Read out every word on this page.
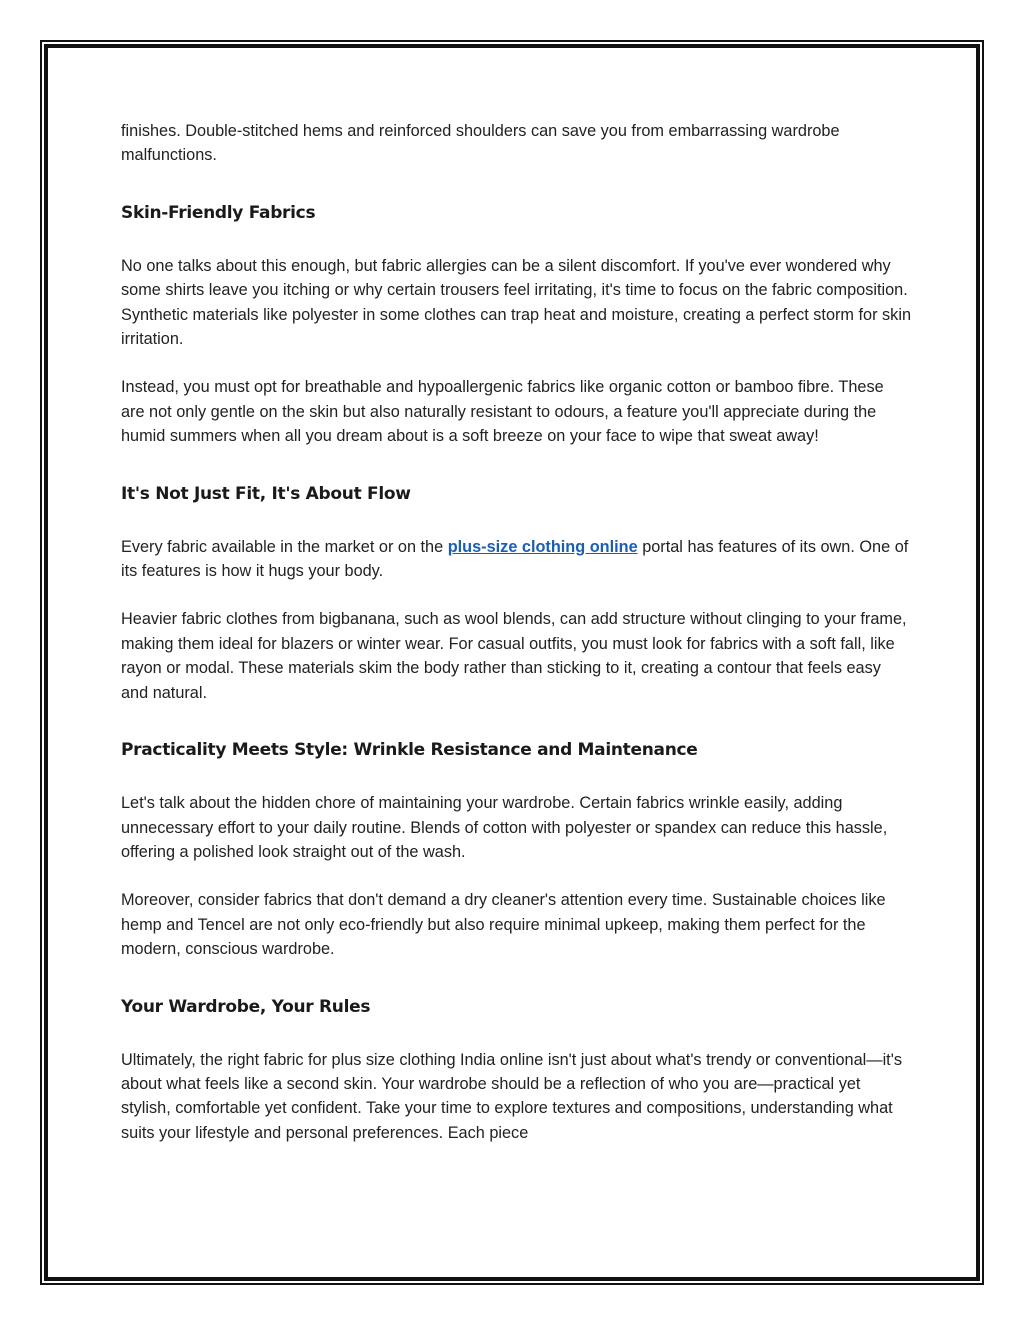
finishes. Double-stitched hems and reinforced shoulders can save you from embarrassing wardrobe malfunctions.

Skin-Friendly Fabrics

No one talks about this enough, but fabric allergies can be a silent discomfort. If you've ever wondered why some shirts leave you itching or why certain trousers feel irritating, it's time to focus on the fabric composition. Synthetic materials like polyester in some clothes can trap heat and moisture, creating a perfect storm for skin irritation.

Instead, you must opt for breathable and hypoallergenic fabrics like organic cotton or bamboo fibre. These are not only gentle on the skin but also naturally resistant to odours, a feature you'll appreciate during the humid summers when all you dream about is a soft breeze on your face to wipe that sweat away!

It's Not Just Fit, It's About Flow

Every fabric available in the market or on the plus-size clothing online portal has features of its own. One of its features is how it hugs your body.

Heavier fabric clothes from bigbanana, such as wool blends, can add structure without clinging to your frame, making them ideal for blazers or winter wear. For casual outfits, you must look for fabrics with a soft fall, like rayon or modal. These materials skim the body rather than sticking to it, creating a contour that feels easy and natural.

Practicality Meets Style: Wrinkle Resistance and Maintenance

Let's talk about the hidden chore of maintaining your wardrobe. Certain fabrics wrinkle easily, adding unnecessary effort to your daily routine. Blends of cotton with polyester or spandex can reduce this hassle, offering a polished look straight out of the wash.

Moreover, consider fabrics that don't demand a dry cleaner's attention every time. Sustainable choices like hemp and Tencel are not only eco-friendly but also require minimal upkeep, making them perfect for the modern, conscious wardrobe.

Your Wardrobe, Your Rules

Ultimately, the right fabric for plus size clothing India online isn't just about what's trendy or conventional—it's about what feels like a second skin. Your wardrobe should be a reflection of who you are—practical yet stylish, comfortable yet confident. Take your time to explore textures and compositions, understanding what suits your lifestyle and personal preferences. Each piece
